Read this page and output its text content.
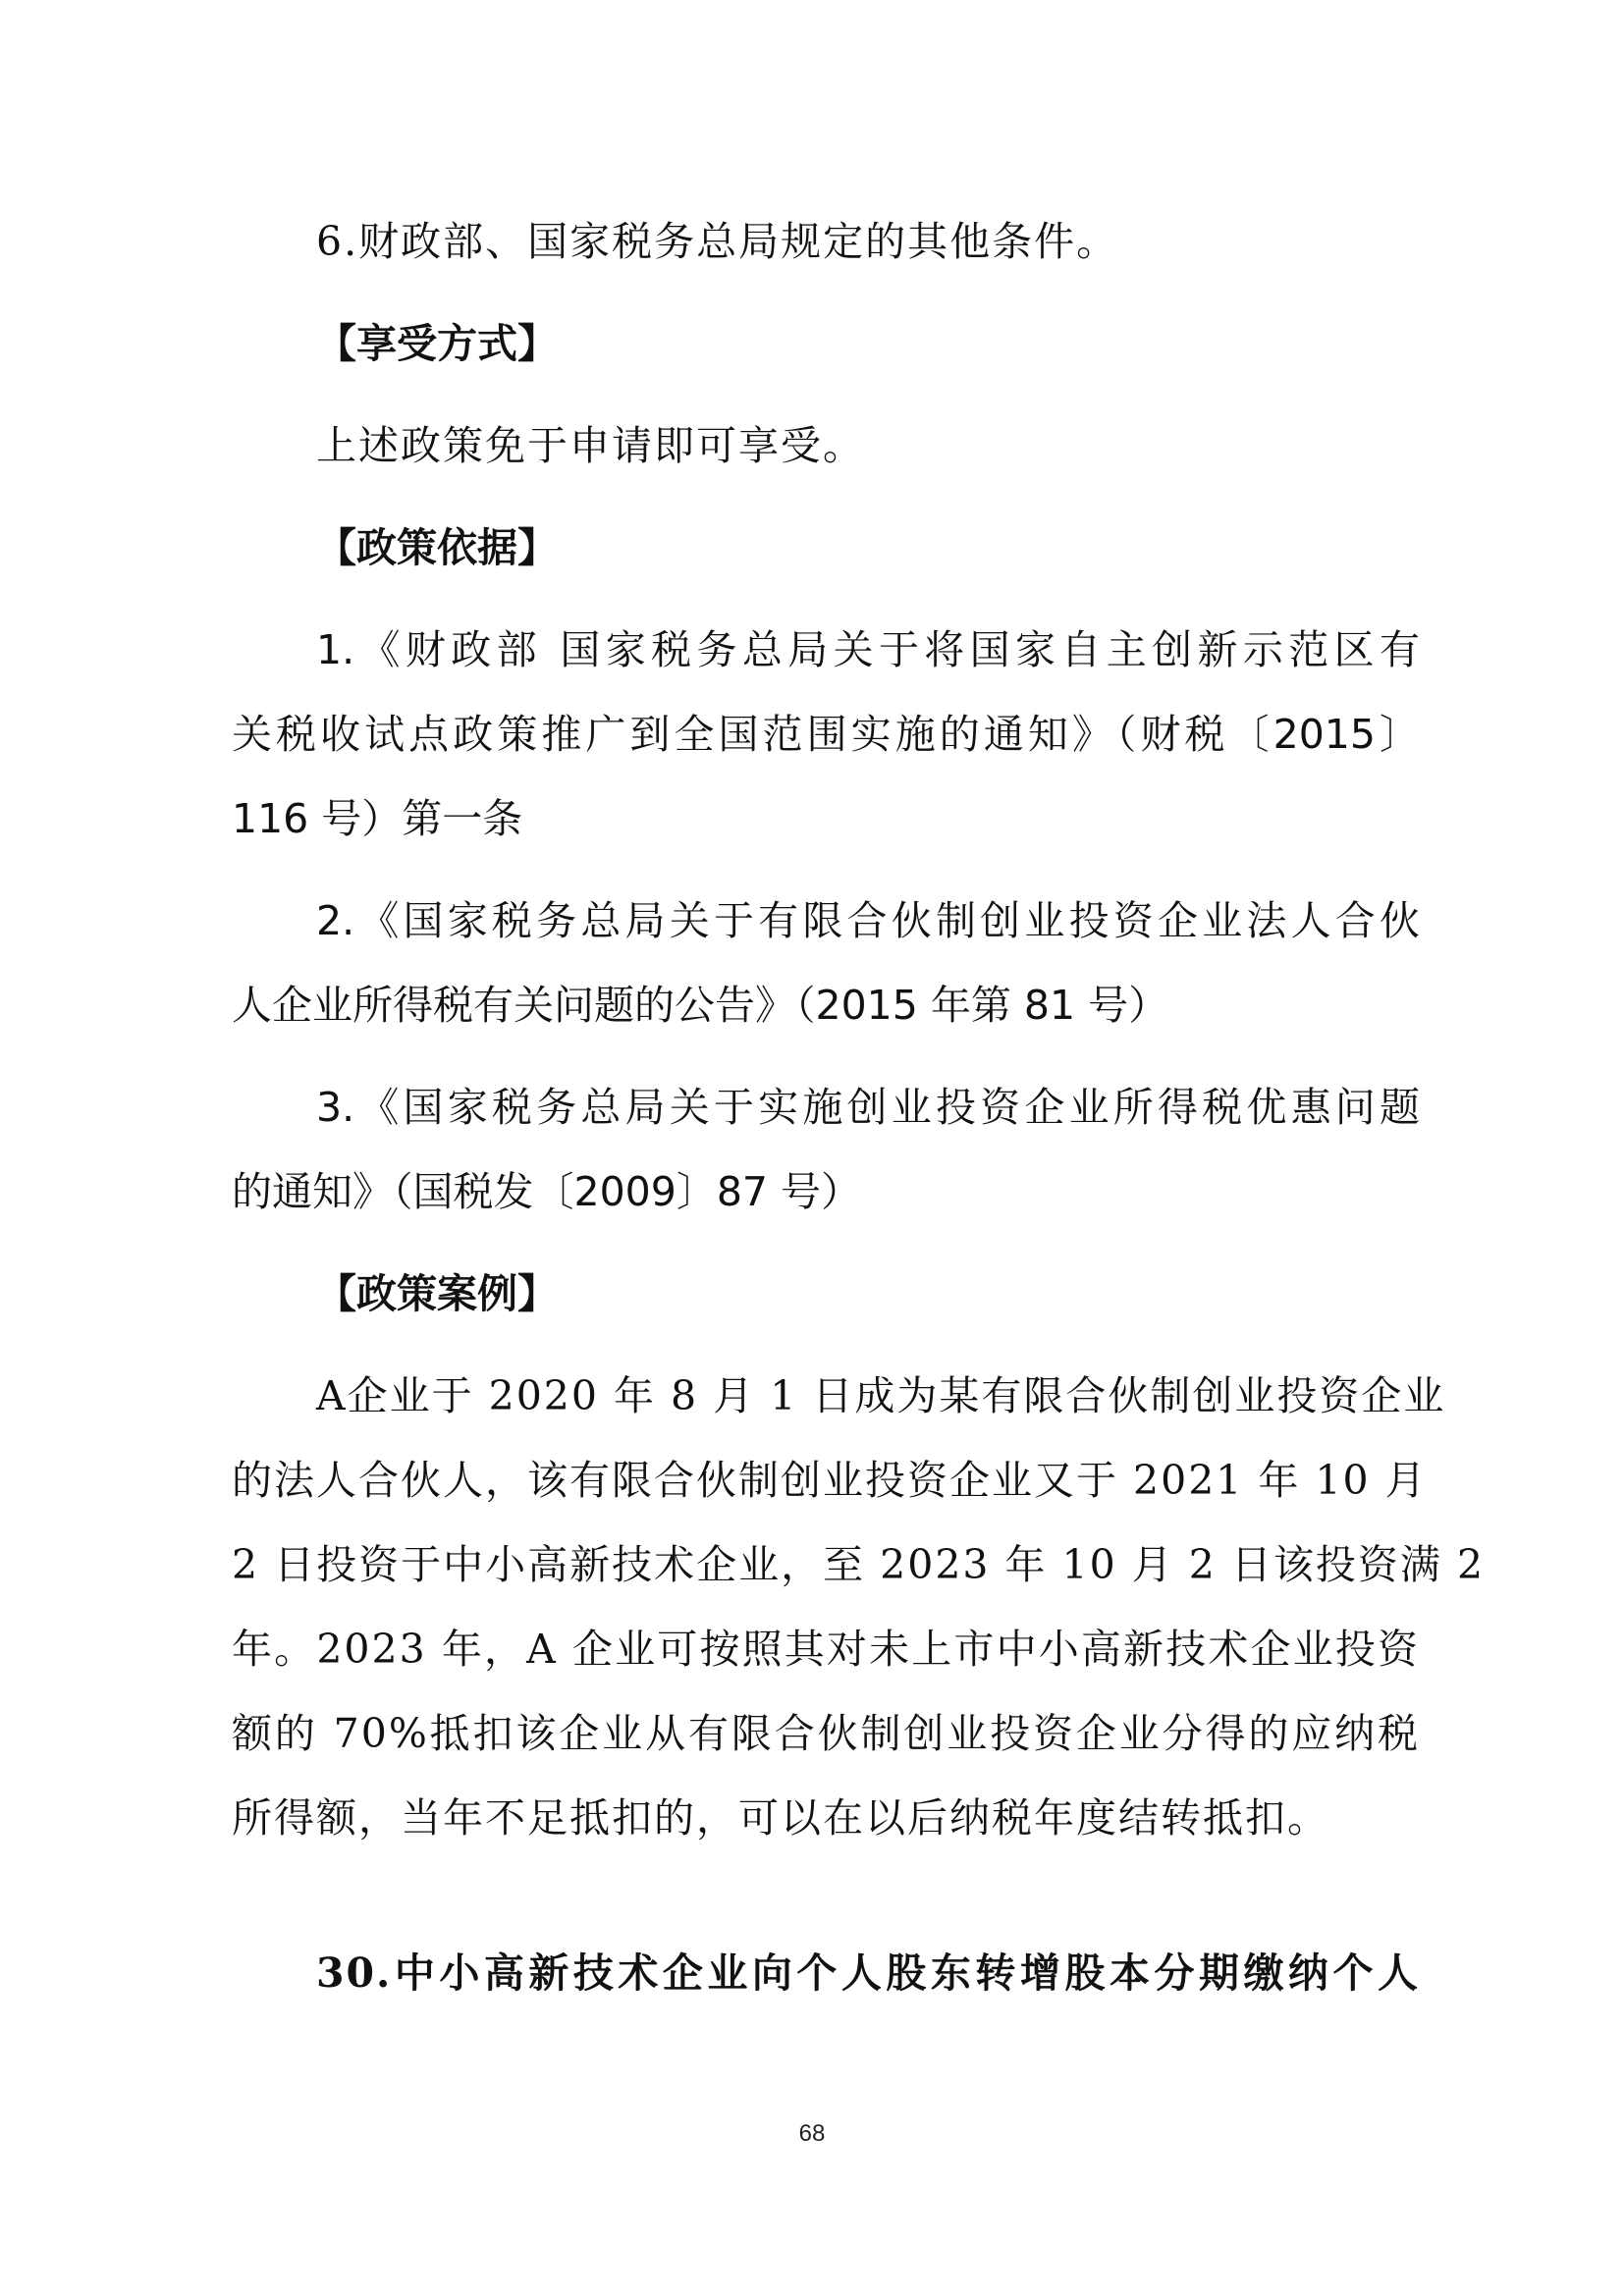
6.财政部、国家税务总局规定的其他条件。
【享受方式】
上述政策免于申请即可享受。
【政策依据】
1.《财政部 国家税务总局关于将国家自主创新示范区有
关税收试点政策推广到全国范围实施的通知》（财税〔2015〕
116 号）第一条
2.《国家税务总局关于有限合伙制创业投资企业法人合伙
人企业所得税有关问题的公告》（2015 年第 81 号）
3.《国家税务总局关于实施创业投资企业所得税优惠问题
的通知》（国税发〔2009〕87 号）
【政策案例】
A企业于 2020 年 8 月 1 日成为某有限合伙制创业投资企业
的法人合伙人，该有限合伙制创业投资企业又于 2021 年 10 月
2 日投资于中小高新技术企业，至 2023 年 10 月 2 日该投资满 2
年。2023 年，A 企业可按照其对未上市中小高新技术企业投资
额的 70%抵扣该企业从有限合伙制创业投资企业分得的应纳税
所得额，当年不足抵扣的，可以在以后纳税年度结转抵扣。
30.中小高新技术企业向个人股东转增股本分期缴纳个人
68
